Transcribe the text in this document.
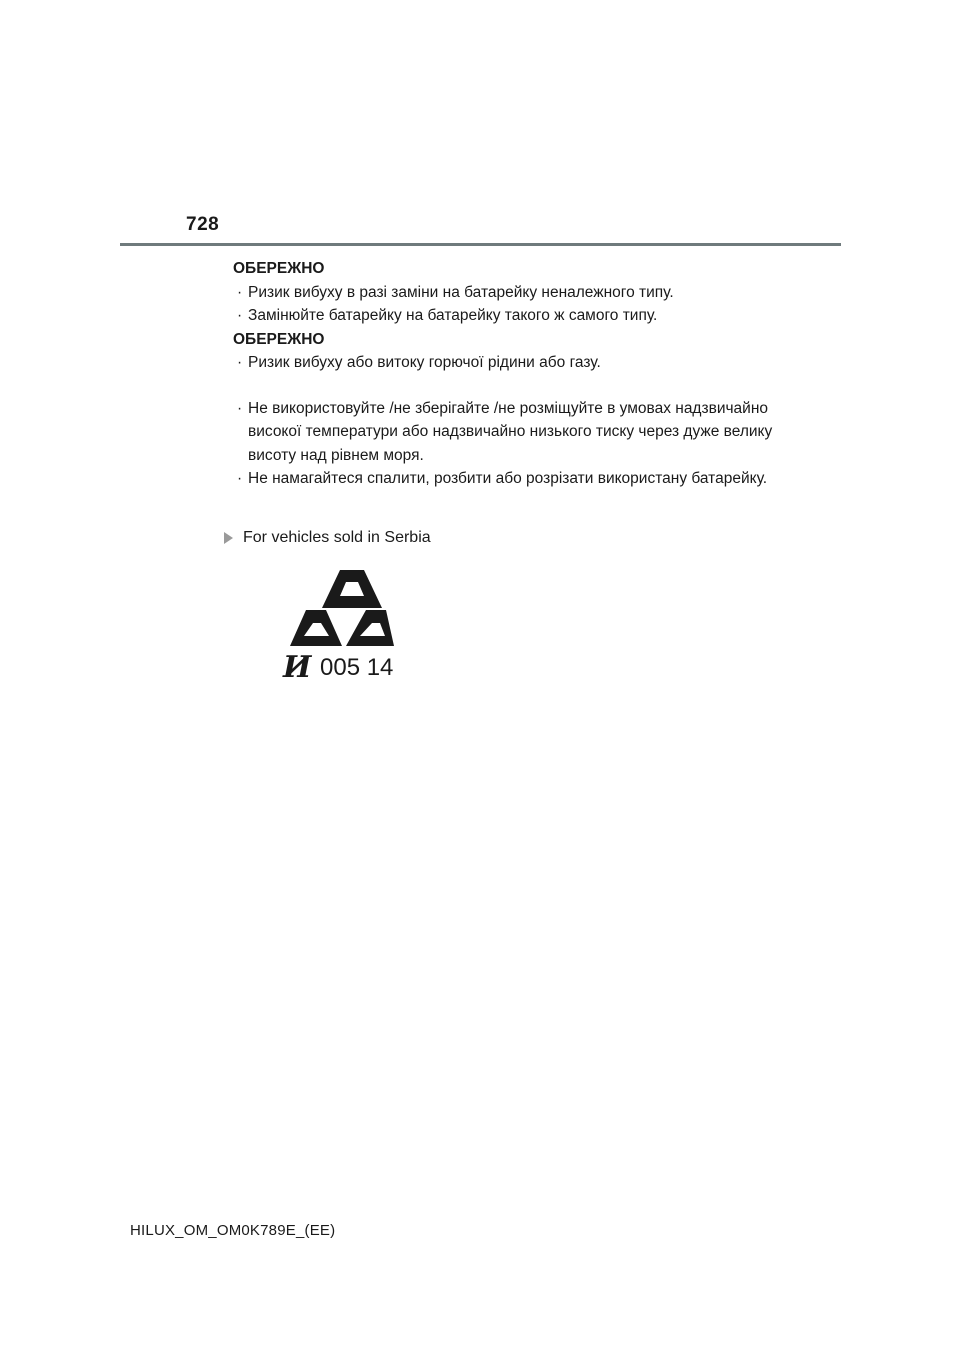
728

ОБЕРЕЖНО

· Ризик вибуху в разі заміни на батарейку неналежного типу.

· Замінюйте батарейку на батарейку такого ж самого типу.

ОБЕРЕЖНО

· Ризик вибуху або витоку горючої рідини або газу.

· Не використовуйте /не зберігайте /не розміщуйте в умовах надзвичайно високої температури або надзвичайно низького тиску через дуже велику висоту над рівнем моря.

· Не намагайтеся спалити, розбити або розрізати використану батарейку.

For vehicles sold in Serbia
И 005 14
HILUX_OM_OM0K789E_(EE)
